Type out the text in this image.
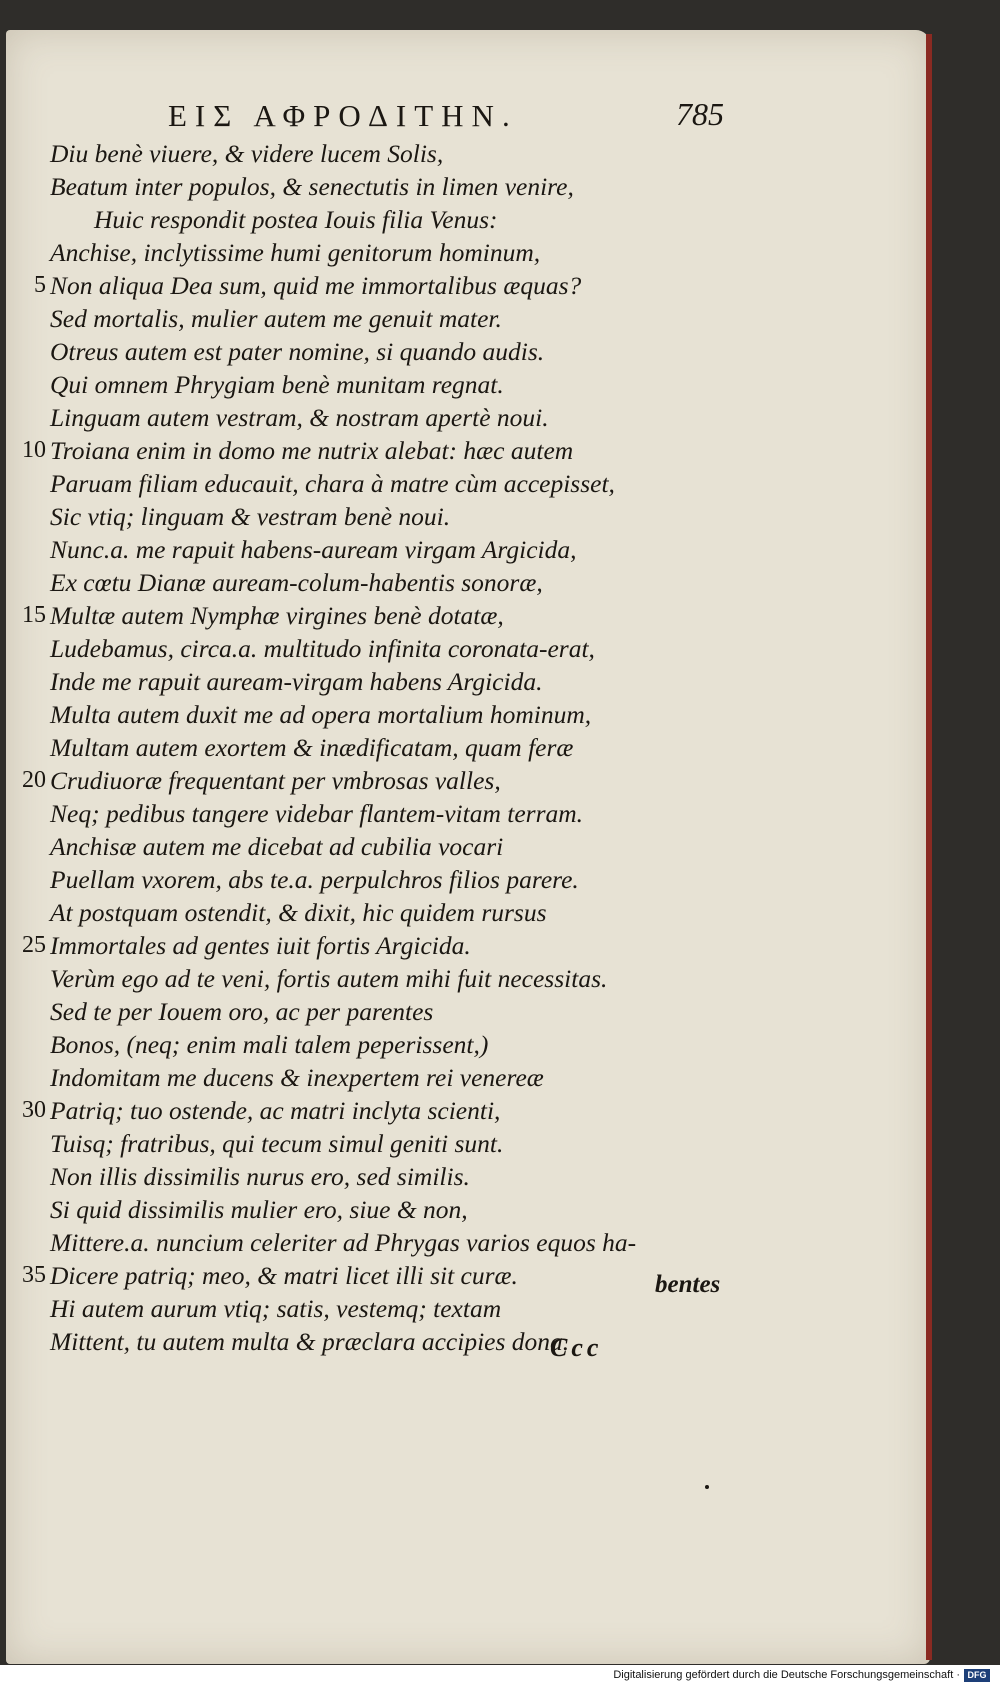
ΕΙΣ ΑΦΡΟΔΙΤΗΝ.	785
Diu benè viuere, & videre lucem Solis,
Beatum inter populos, & senectutis in limen venire,
Huic respondit postea Iouis filia Venus:
Anchise, inclytissime humi genitorum hominum,
5 Non aliqua Dea sum, quid me immortalibus æquas?
Sed mortalis, mulier autem me genuit mater.
Otreus autem est pater nomine, si quando audis.
Qui omnem Phrygiam benè munitam regnat.
Linguam autem vestram, & nostram apertè noui.
10 Troiana enim in domo me nutrix alebat: hæc autem
Paruam filiam educauit, chara à matre cùm accepisset,
Sic vtiq; linguam & vestram benè noui.
Nunc.a. me rapuit habens-auream virgam Argicida,
Ex cœtu Dianæ auream-colum-habentis sonoræ,
15 Multæ autem Nymphæ virgines benè dotatæ,
Ludebamus, circa.a. multitudo infinita coronata-erat,
Inde me rapuit auream-virgam habens Argicida.
Multa autem duxit me ad opera mortalium hominum,
Multam autem exortem & inædificatam, quam feræ
20 Crudiuoræ frequentant per vmbrosas valles,
Neq; pedibus tangere videbar flantem-vitam terram.
Anchisæ autem me dicebat ad cubilia vocari
Puellam vxorem, abs te.a. perpulchros filios parere.
At postquam ostendit, & dixit, hic quidem rursus
25 Immortales ad gentes iuit fortis Argicida.
Verùm ego ad te veni, fortis autem mihi fuit necessitas.
Sed te per Iouem oro, ac per parentes
Bonos, (neq; enim mali talem peperissent,)
Indomitam me ducens & inexpertem rei venereæ
30 Patriq; tuo ostende, ac matri inclyta scienti,
Tuisq; fratribus, qui tecum simul geniti sunt.
Non illis dissimilis nurus ero, sed similis.
Si quid dissimilis mulier ero, siue & non,
Mittere.a. nuncium celeriter ad Phrygas varios equos ha-
35 Dicere patriq; meo, & matri licet illi sit curæ.
Hi autem aurum vtiq; satis, vestemq; textam
Mittent, tu autem multa & præclara accipies dona.
bentes
Ccc
Digitalisierung gefördert durch die Deutsche Forschungsgemeinschaft · DFG
